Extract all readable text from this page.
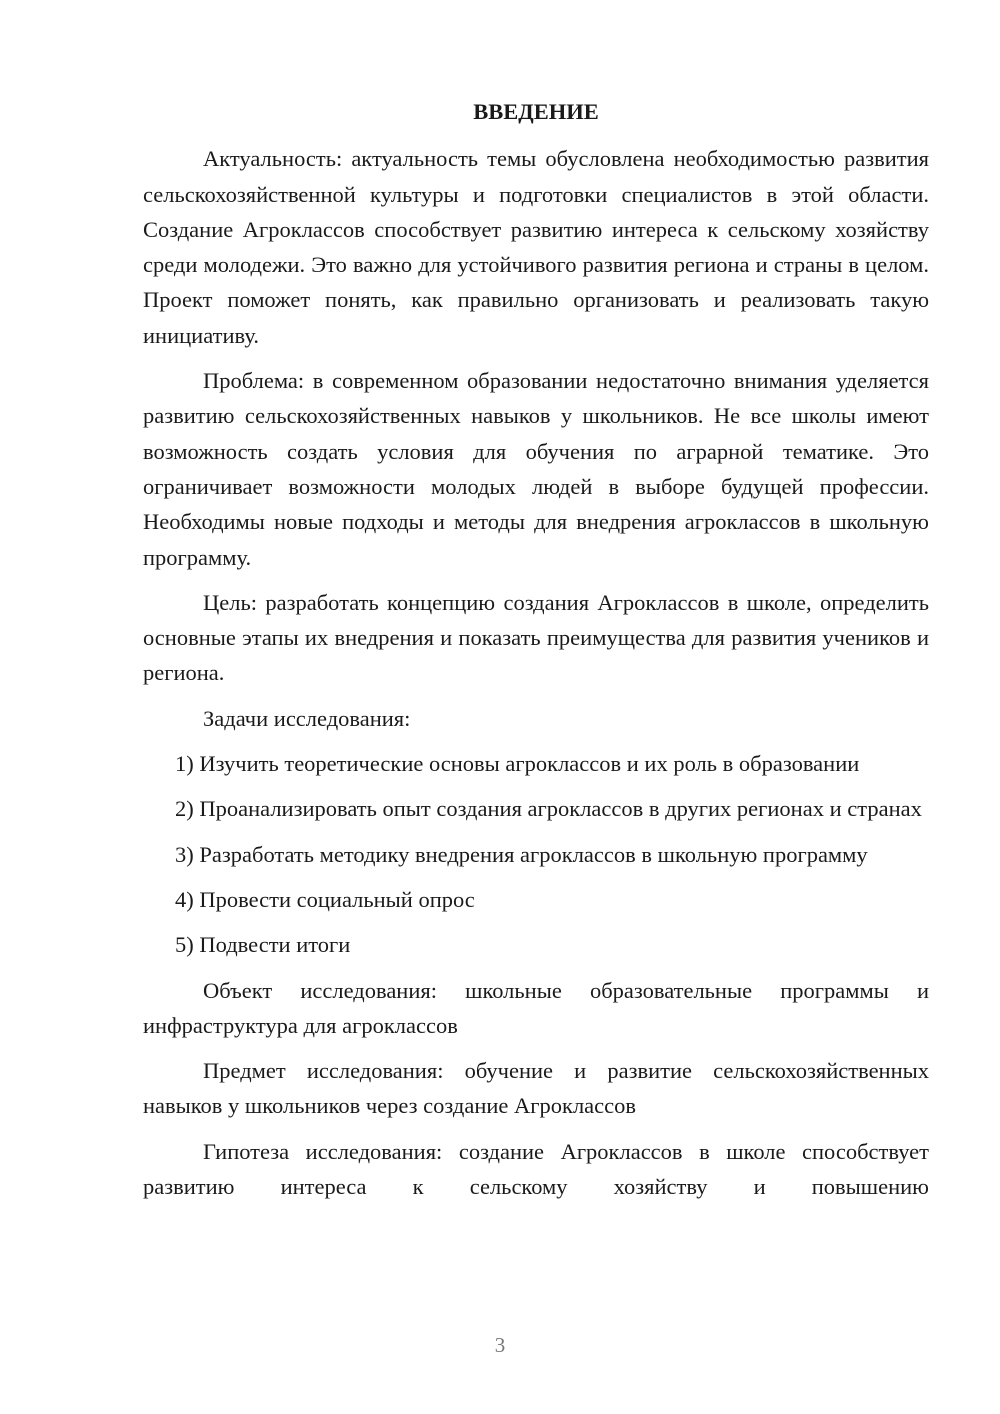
ВВЕДЕНИЕ

Актуальность: актуальность темы обусловлена необходимостью развития сельскохозяйственной культуры и подготовки специалистов в этой области. Создание Агроклассов способствует развитию интереса к сельскому хозяйству среди молодежи. Это важно для устойчивого развития региона и страны в целом. Проект поможет понять, как правильно организовать и реализовать такую инициативу.

Проблема: в современном образовании недостаточно внимания уделяется развитию сельскохозяйственных навыков у школьников. Не все школы имеют возможность создать условия для обучения по аграрной тематике. Это ограничивает возможности молодых людей в выборе будущей профессии. Необходимы новые подходы и методы для внедрения агроклассов в школьную программу.

Цель: разработать концепцию создания Агроклассов в школе, определить основные этапы их внедрения и показать преимущества для развития учеников и региона.

Задачи исследования:

1) Изучить теоретические основы агроклассов и их роль в образовании

2) Проанализировать опыт создания агроклассов в других регионах и странах

3) Разработать методику внедрения агроклассов в школьную программу

4) Провести социальный опрос

5) Подвести итоги

Объект исследования: школьные образовательные программы и инфраструктура для агроклассов

Предмет исследования: обучение и развитие сельскохозяйственных навыков у школьников через создание Агроклассов

Гипотеза исследования: создание Агроклассов в школе способствует развитию интереса к сельскому хозяйству и повышению

3
